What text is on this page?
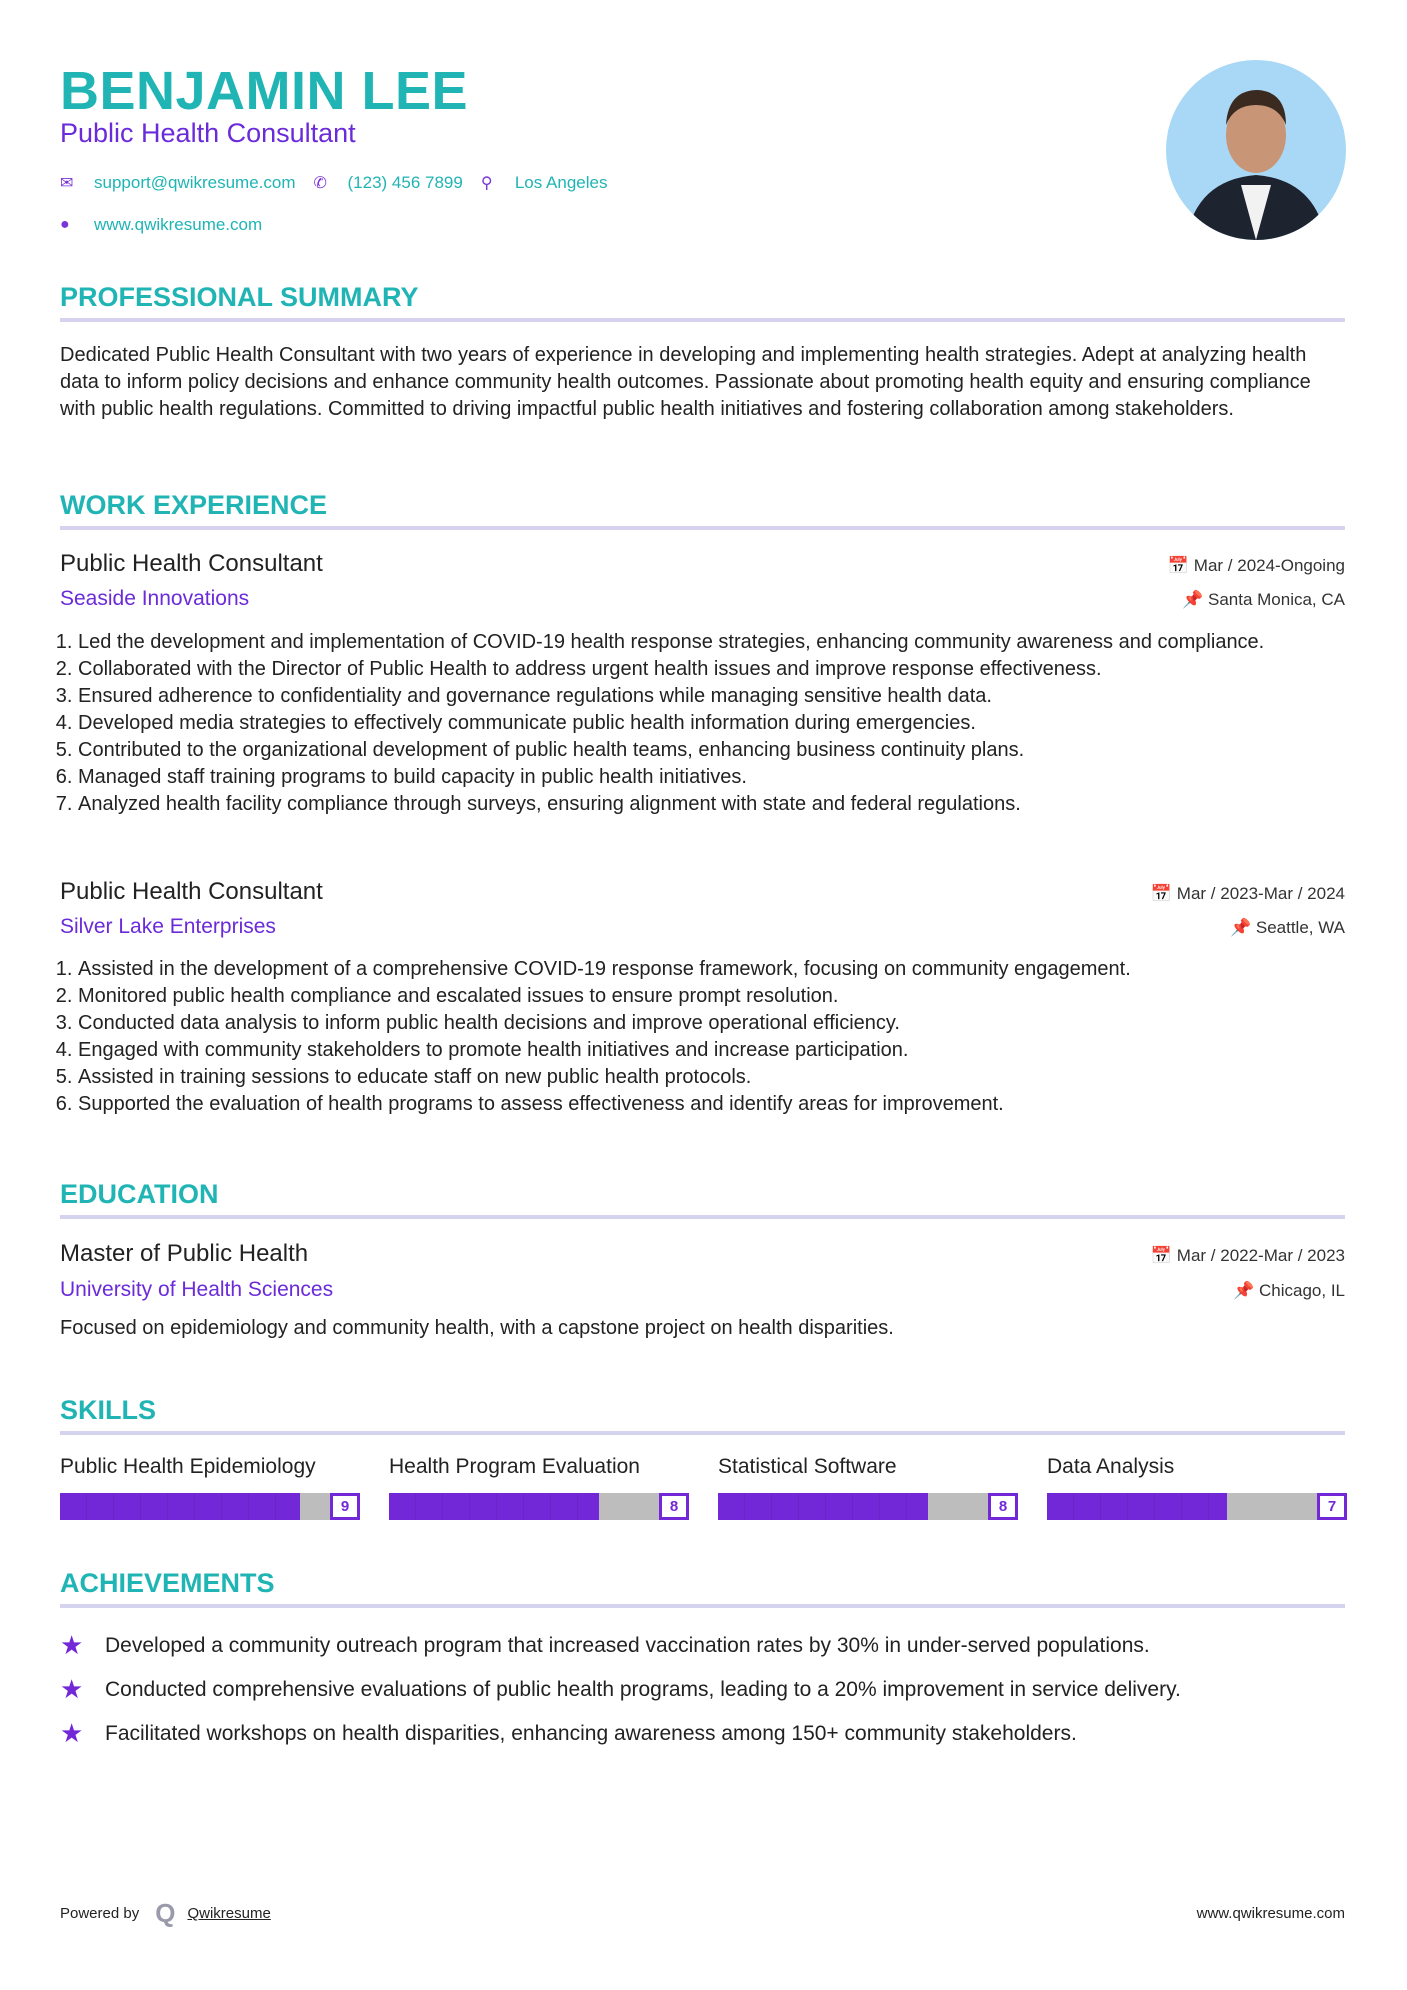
BENJAMIN LEE
Public Health Consultant
✉	support@qwikresume.com ✆	(123) 456 7899 ⚲	Los Angeles
●	www.qwikresume.com
PROFESSIONAL SUMMARY
Dedicated Public Health Consultant with two years of experience in developing and implementing health strategies. Adept at analyzing health data to inform policy decisions and enhance community health outcomes. Passionate about promoting health equity and ensuring compliance with public health regulations. Committed to driving impactful public health initiatives and fostering collaboration among stakeholders.
WORK EXPERIENCE
Public Health Consultant	📅 Mar / 2024-Ongoing
Seaside Innovations	📌 Santa Monica, CA
1. Led the development and implementation of COVID-19 health response strategies, enhancing community awareness and compliance.
2. Collaborated with the Director of Public Health to address urgent health issues and improve response effectiveness.
3. Ensured adherence to confidentiality and governance regulations while managing sensitive health data.
4. Developed media strategies to effectively communicate public health information during emergencies.
5. Contributed to the organizational development of public health teams, enhancing business continuity plans.
6. Managed staff training programs to build capacity in public health initiatives.
7. Analyzed health facility compliance through surveys, ensuring alignment with state and federal regulations.
Public Health Consultant	📅 Mar / 2023-Mar / 2024
Silver Lake Enterprises	📌 Seattle, WA
1. Assisted in the development of a comprehensive COVID-19 response framework, focusing on community engagement.
2. Monitored public health compliance and escalated issues to ensure prompt resolution.
3. Conducted data analysis to inform public health decisions and improve operational efficiency.
4. Engaged with community stakeholders to promote health initiatives and increase participation.
5. Assisted in training sessions to educate staff on new public health protocols.
6. Supported the evaluation of health programs to assess effectiveness and identify areas for improvement.
EDUCATION
Master of Public Health	📅 Mar / 2022-Mar / 2023
University of Health Sciences	📌 Chicago, IL
Focused on epidemiology and community health, with a capstone project on health disparities.
SKILLS
Public Health Epidemiology
9
Health Program Evaluation
8
Statistical Software
8
Data Analysis
7
ACHIEVEMENTS
★	Developed a community outreach program that increased vaccination rates by 30% in under-served populations.
★	Conducted comprehensive evaluations of public health programs, leading to a 20% improvement in service delivery.
★	Facilitated workshops on health disparities, enhancing awareness among 150+ community stakeholders.
Powered by Q Qwikresume	www.qwikresume.com
